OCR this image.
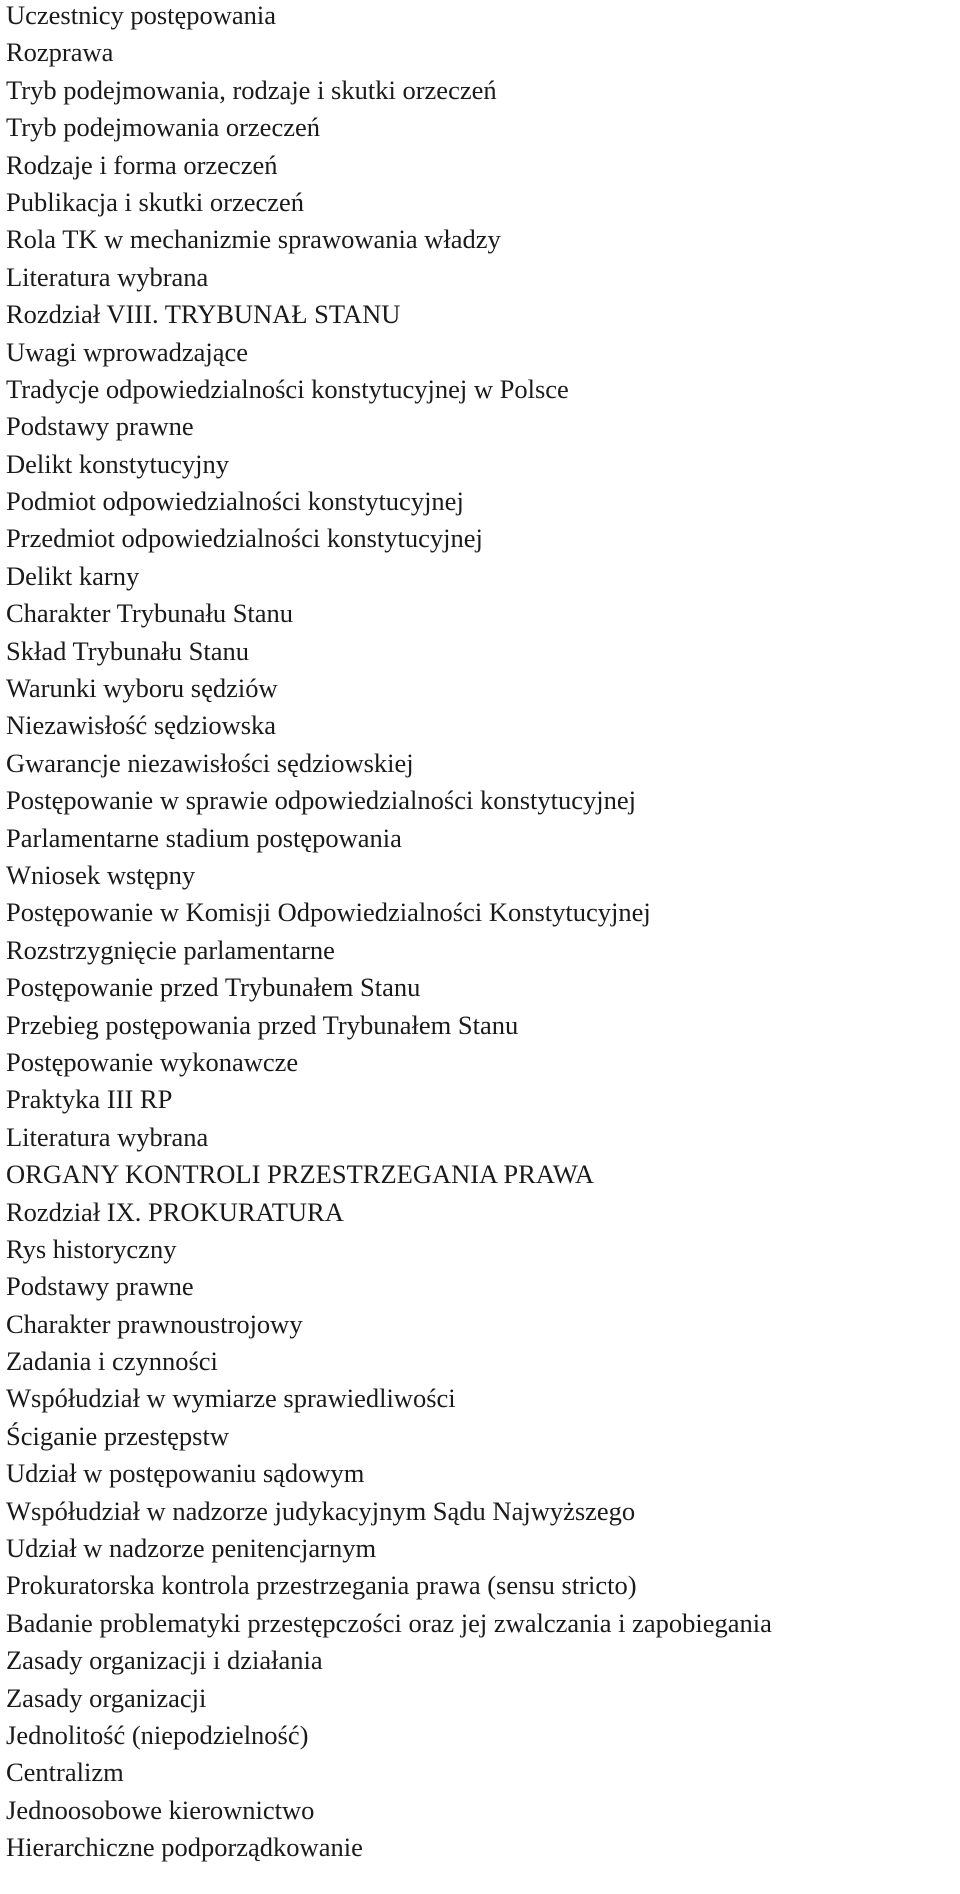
Uczestnicy postępowania
Rozprawa
Tryb podejmowania, rodzaje i skutki orzeczeń
Tryb podejmowania orzeczeń
Rodzaje i forma orzeczeń
Publikacja i skutki orzeczeń
Rola TK w mechanizmie sprawowania władzy
Literatura wybrana
Rozdział VIII. TRYBUNAŁ STANU
Uwagi wprowadzające
Tradycje odpowiedzialności konstytucyjnej w Polsce
Podstawy prawne
Delikt konstytucyjny
Podmiot odpowiedzialności konstytucyjnej
Przedmiot odpowiedzialności konstytucyjnej
Delikt karny
Charakter Trybunału Stanu
Skład Trybunału Stanu
Warunki wyboru sędziów
Niezawisłość sędziowska
Gwarancje niezawisłości sędziowskiej
Postępowanie w sprawie odpowiedzialności konstytucyjnej
Parlamentarne stadium postępowania
Wniosek wstępny
Postępowanie w Komisji Odpowiedzialności Konstytucyjnej
Rozstrzygnięcie parlamentarne
Postępowanie przed Trybunałem Stanu
Przebieg postępowania przed Trybunałem Stanu
Postępowanie wykonawcze
Praktyka III RP
Literatura wybrana
ORGANY KONTROLI PRZESTRZEGANIA PRAWA
Rozdział IX. PROKURATURA
Rys historyczny
Podstawy prawne
Charakter prawnoustrojowy
Zadania i czynności
Współudział w wymiarze sprawiedliwości
Ściganie przestępstw
Udział w postępowaniu sądowym
Współudział w nadzorze judykacyjnym Sądu Najwyższego
Udział w nadzorze penitencjarnym
Prokuratorska kontrola przestrzegania prawa (sensu stricto)
Badanie problematyki przestępczości oraz jej zwalczania i zapobiegania
Zasady organizacji i działania
Zasady organizacji
Jednolitość (niepodzielność)
Centralizm
Jednoosobowe kierownictwo
Hierarchiczne podporządkowanie
